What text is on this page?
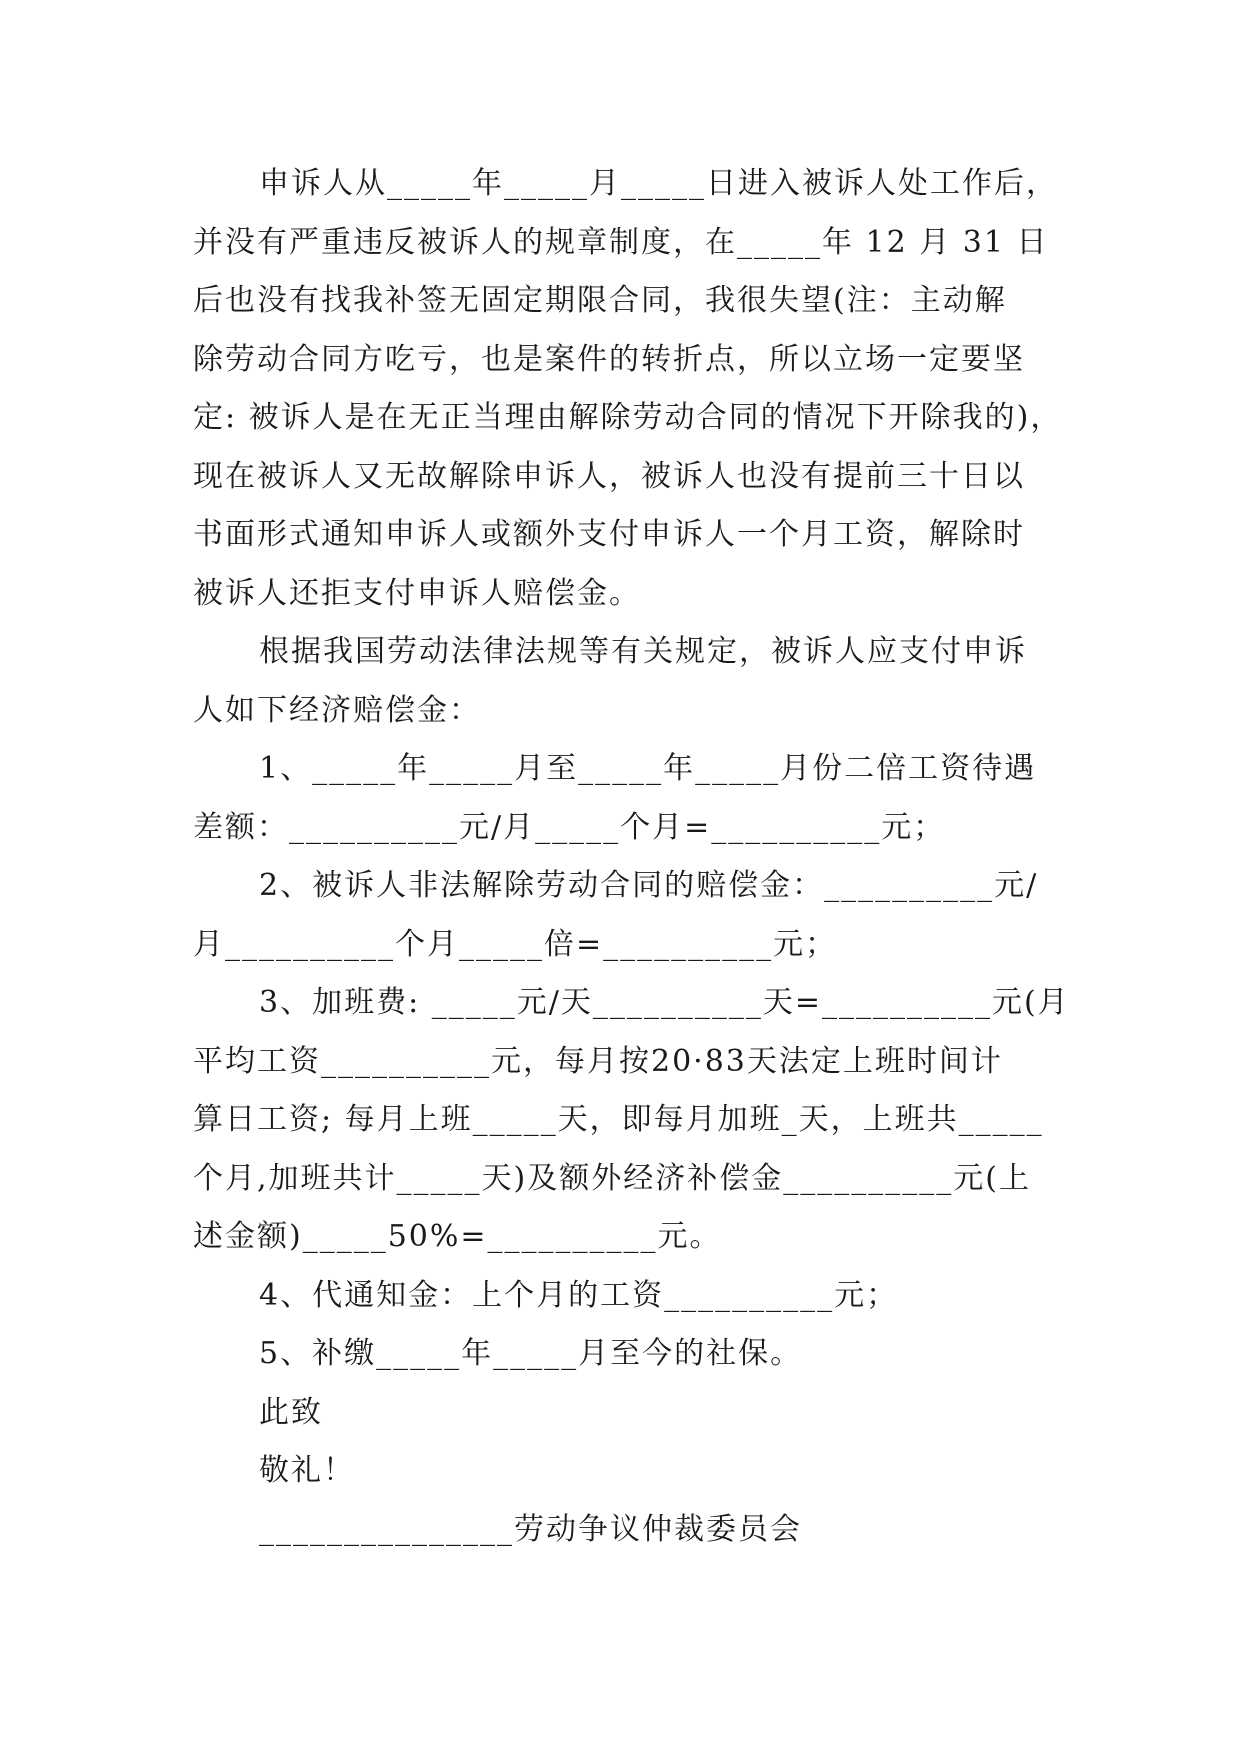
申诉人从_____年_____月_____日进入被诉人处工作后，
并没有严重违反被诉人的规章制度，在_____年 12 月 31 日
后也没有找我补签无固定期限合同，我很失望(注：主动解
除劳动合同方吃亏，也是案件的转折点，所以立场一定要坚
定: 被诉人是在无正当理由解除劳动合同的情况下开除我的)，
现在被诉人又无故解除申诉人，被诉人也没有提前三十日以
书面形式通知申诉人或额外支付申诉人一个月工资，解除时
被诉人还拒支付申诉人赔偿金。
根据我国劳动法律法规等有关规定，被诉人应支付申诉
人如下经济赔偿金：
1、_____年_____月至_____年_____月份二倍工资待遇
差额：__________元/月_____个月=__________元；
2、被诉人非法解除劳动合同的赔偿金：__________元/
月__________个月_____倍=__________元；
3、加班费: _____元/天__________天=__________元(月
平均工资__________元，每月按20·83天法定上班时间计
算日工资; 每月上班_____天，即每月加班_天，上班共_____
个月,加班共计_____天)及额外经济补偿金__________元(上
述金额)_____50%=__________元。
4、代通知金：上个月的工资__________元；
5、补缴_____年_____月至今的社保。
此致
敬礼！
_______________劳动争议仲裁委员会
